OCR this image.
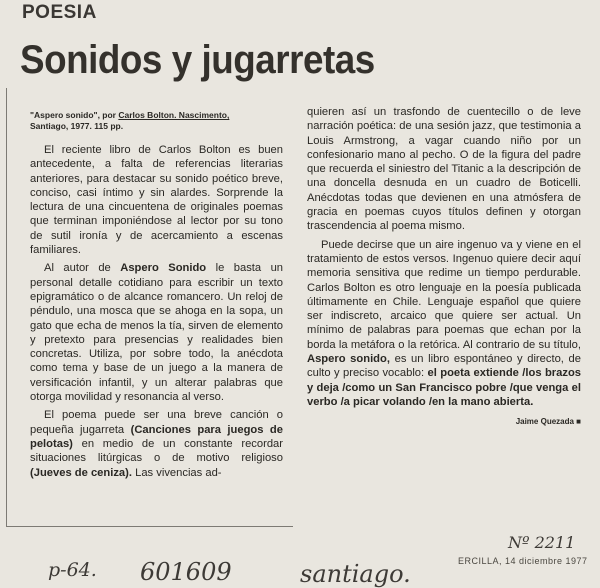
POESIA
Sonidos y jugarretas

"Aspero sonido", por Carlos Bolton. Nascimento,
Santiago, 1977. 115 pp.

El reciente libro de Carlos Bolton es buen antecedente, a falta de referencias literarias anteriores, para destacar su sonido poético breve, conciso, casi íntimo y sin alardes. Sorprende la lectura de una cincuentena de originales poemas que terminan imponiéndose al lector por su tono de sutil ironía y de acercamiento a escenas familiares.

Al autor de Aspero Sonido le basta un personal detalle cotidiano para escribir un texto epigramático o de alcance romancero. Un reloj de péndulo, una mosca que se ahoga en la sopa, un gato que echa de menos la tía, sirven de elemento y pretexto para presencias y realidades bien concretas. Utiliza, por sobre todo, la anécdota como tema y base de un juego a la manera de versificación infantil, y un alterar palabras que otorga movilidad y resonancia al verso.

El poema puede ser una breve canción o pequeña jugarreta (Canciones para juegos de pelotas) en medio de un constante recordar situaciones litúrgicas o de motivo religioso (Jueves de ceniza). Las vivencias ad-

quieren así un trasfondo de cuentecillo o de leve narración poética: de una sesión jazz, que testimonia a Louis Armstrong, a vagar cuando niño por un confesionario mano al pecho. O de la figura del padre que recuerda el siniestro del Titanic a la descripción de una doncella desnuda en un cuadro de Boticelli. Anécdotas todas que devienen en una atmósfera de gracia en poemas cuyos títulos definen y otorgan trascendencia al poema mismo.

Puede decirse que un aire ingenuo va y viene en el tratamiento de estos versos. Ingenuo quiere decir aquí memoria sensitiva que redime un tiempo perdurable. Carlos Bolton es otro lenguaje en la poesía publicada últimamente en Chile. Lenguaje español que quiere ser indiscreto, arcaico que quiere ser actual. Un mínimo de palabras para poemas que echan por la borda la metáfora o la retórica. Al contrario de su título, Aspero sonido, es un libro espontáneo y directo, de culto y preciso vocablo: el poeta extiende /los brazos y deja /como un San Francisco pobre /que venga el verbo /a picar volando /en la mano abierta.

Jaime Quezada ■

ERCILLA, 14 diciembre 1977
p-64. 601609	santiago.
Nº 2211
